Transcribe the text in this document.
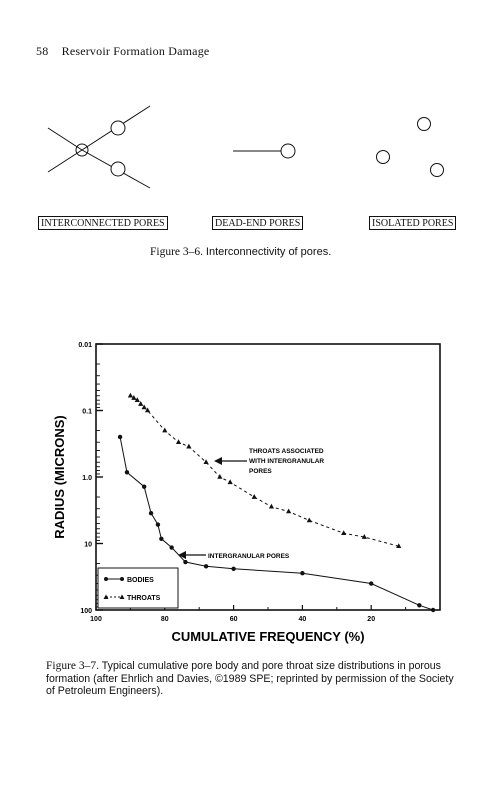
58 Reservoir Formation Damage
INTERCONNECTED PORES	DEAD-END PORES	ISOLATED PORES
Figure 3–6. Interconnectivity of pores.
0.01
0.1
1.0
10
100
100	80	60	40	20
RADIUS (MICRONS)
CUMULATIVE FREQUENCY (%)
THROATS ASSOCIATED
WITH INTERGRANULAR
PORES
INTERGRANULAR PORES
BODIES
THROATS
Figure 3–7. Typical cumulative pore body and pore throat size distributions in porous formation (after Ehrlich and Davies, ©1989 SPE; reprinted by permission of the Society of Petroleum Engineers).
